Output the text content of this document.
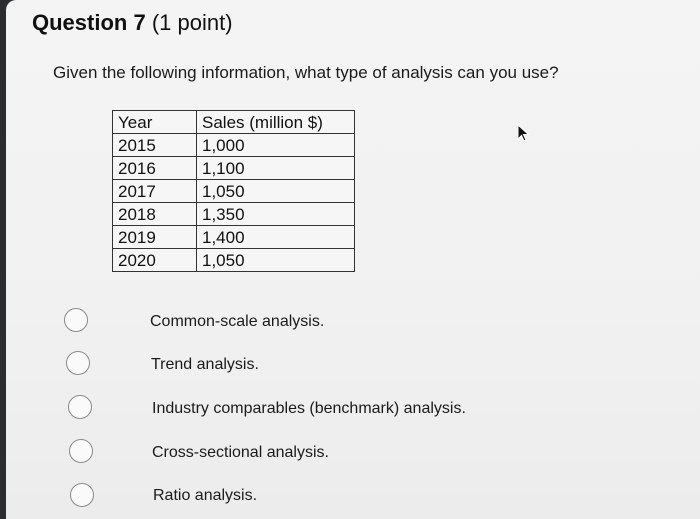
Question 7 (1 point)
Given the following information, what type of analysis can you use?
Year	Sales (million $)
2015	1,000
2016	1,100
2017	1,050
2018	1,350
2019	1,400
2020	1,050
Common-scale analysis.
Trend analysis.
Industry comparables (benchmark) analysis.
Cross-sectional analysis.
Ratio analysis.
